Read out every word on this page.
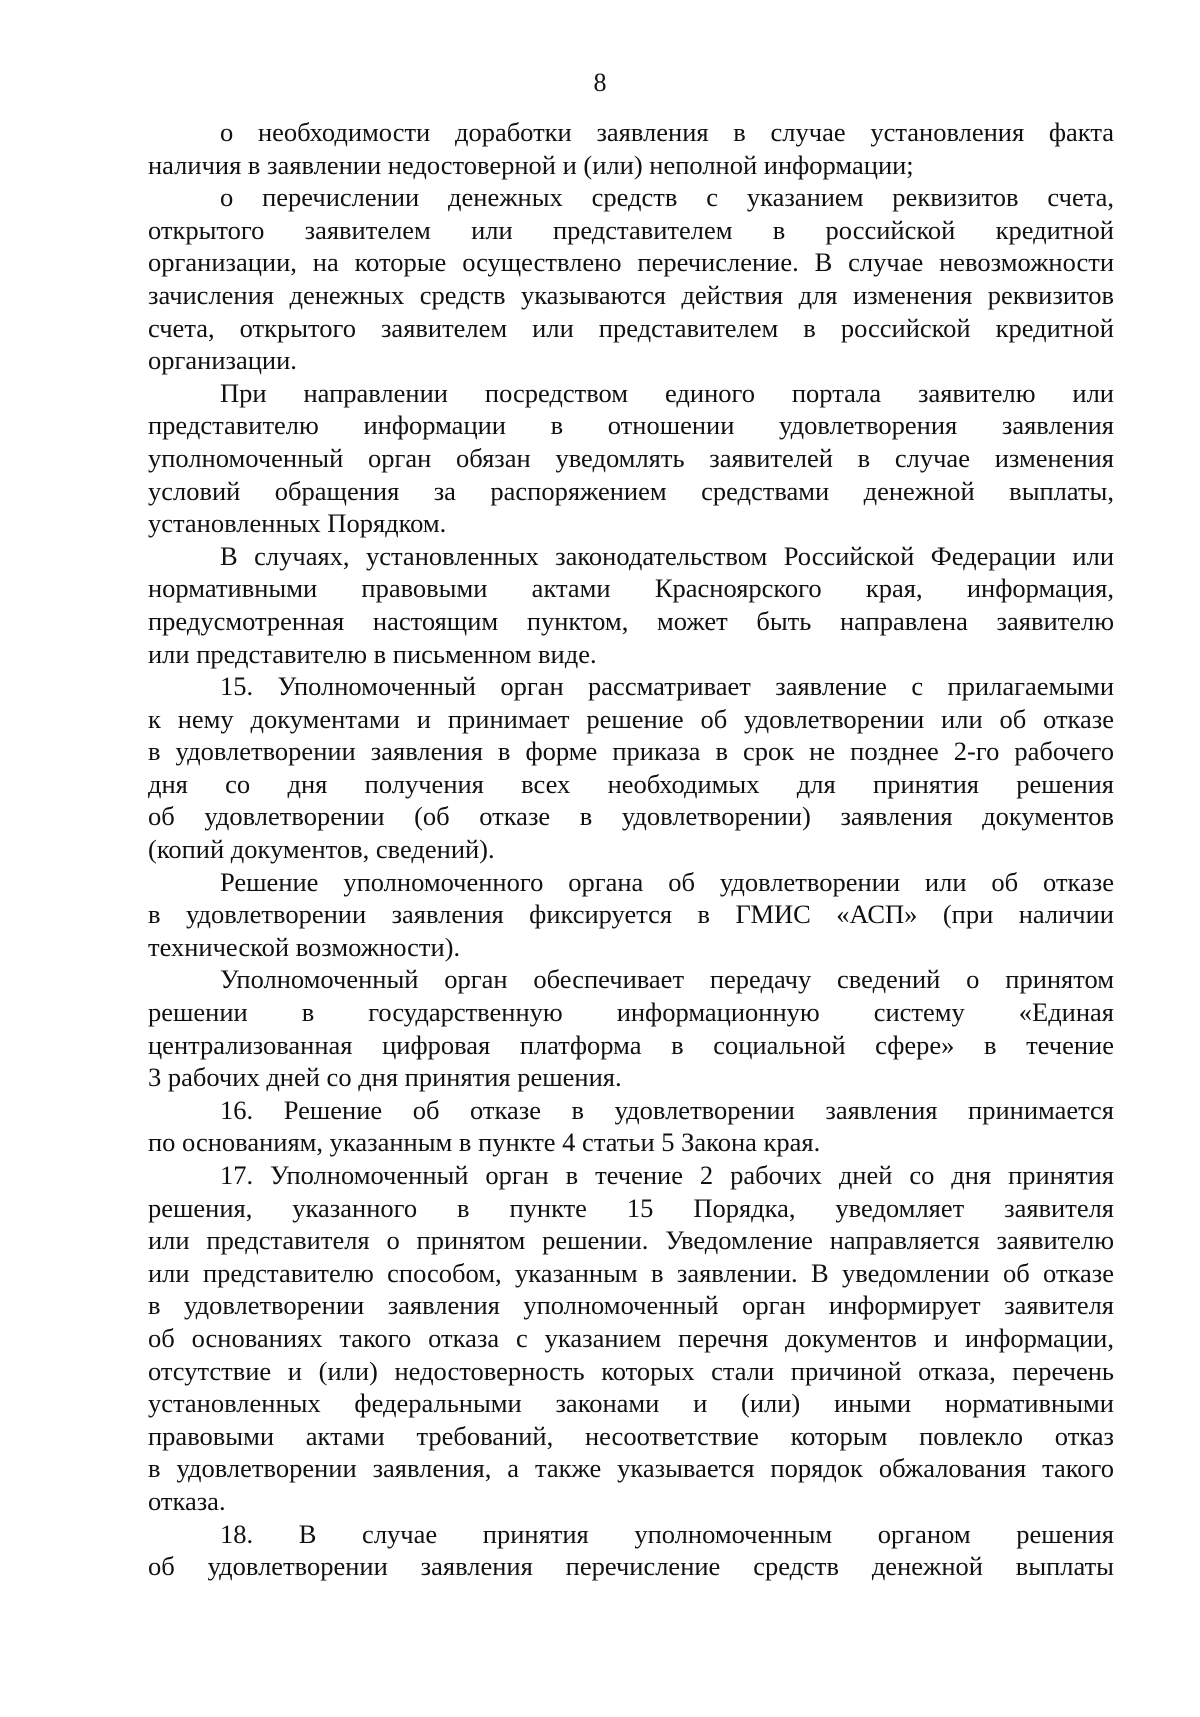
8
о необходимости доработки заявления в случае установления факта
наличия в заявлении недостоверной и (или) неполной информации;
о перечислении денежных средств с указанием реквизитов счета,
открытого заявителем или представителем в российской кредитной
организации, на которые осуществлено перечисление. В случае невозможности
зачисления денежных средств указываются действия для изменения реквизитов
счета, открытого заявителем или представителем в российской кредитной
организации.
При направлении посредством единого портала заявителю или
представителю информации в отношении удовлетворения заявления
уполномоченный орган обязан уведомлять заявителей в случае изменения
условий обращения за распоряжением средствами денежной выплаты,
установленных Порядком.
В случаях, установленных законодательством Российской Федерации или
нормативными правовыми актами Красноярского края, информация,
предусмотренная настоящим пунктом, может быть направлена заявителю
или представителю в письменном виде.
15. Уполномоченный орган рассматривает заявление с прилагаемыми
к нему документами и принимает решение об удовлетворении или об отказе
в удовлетворении заявления в форме приказа в срок не позднее 2-го рабочего
дня со дня получения всех необходимых для принятия решения
об удовлетворении (об отказе в удовлетворении) заявления документов
(копий документов, сведений).
Решение уполномоченного органа об удовлетворении или об отказе
в удовлетворении заявления фиксируется в ГМИС «АСП» (при наличии
технической возможности).
Уполномоченный орган обеспечивает передачу сведений о принятом
решении в государственную информационную систему «Единая
централизованная цифровая платформа в социальной сфере» в течение
3 рабочих дней со дня принятия решения.
16. Решение об отказе в удовлетворении заявления принимается
по основаниям, указанным в пункте 4 статьи 5 Закона края.
17. Уполномоченный орган в течение 2 рабочих дней со дня принятия
решения, указанного в пункте 15 Порядка, уведомляет заявителя
или представителя о принятом решении. Уведомление направляется заявителю
или представителю способом, указанным в заявлении. В уведомлении об отказе
в удовлетворении заявления уполномоченный орган информирует заявителя
об основаниях такого отказа с указанием перечня документов и информации,
отсутствие и (или) недостоверность которых стали причиной отказа, перечень
установленных федеральными законами и (или) иными нормативными
правовыми актами требований, несоответствие которым повлекло отказ
в удовлетворении заявления, а также указывается порядок обжалования такого
отказа.
18. В случае принятия уполномоченным органом решения
об удовлетворении заявления перечисление средств денежной выплаты
